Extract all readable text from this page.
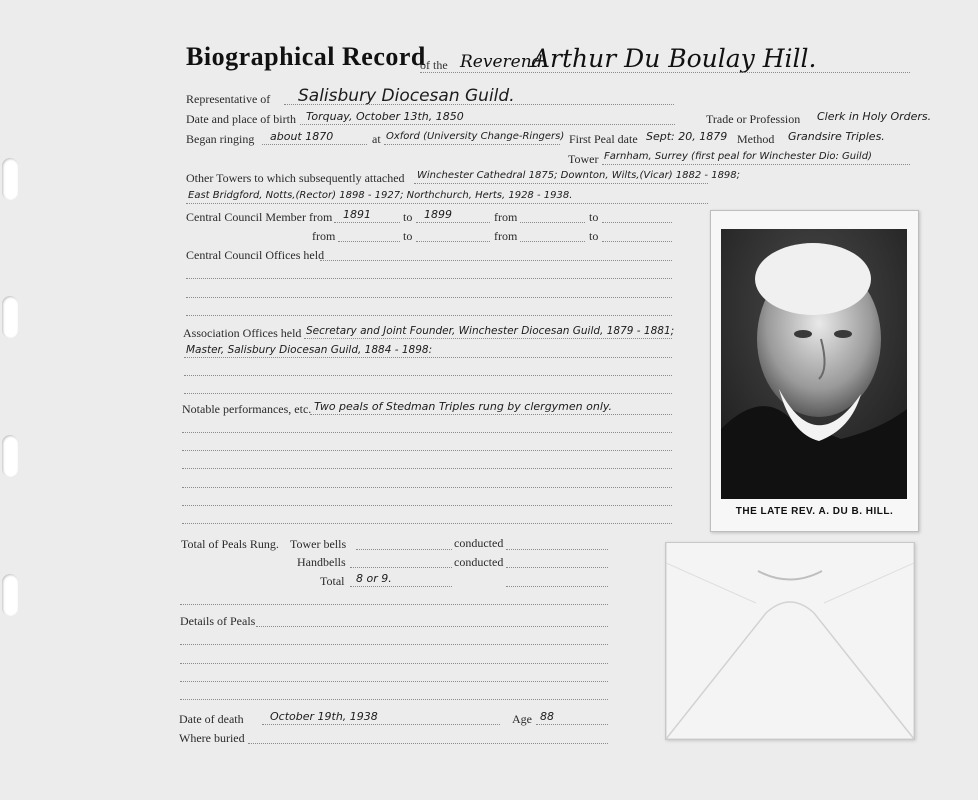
Biographical Record
of the Reverend
Arthur Du Boulay Hill.
Representative of Salisbury Diocesan Guild.
Date and place of birth Torquay, October 13th, 1850	Trade or Profession Clerk in Holy Orders.
Began ringing about 1870	at Oxford (University Change-Ringers) First Peal date Sept: 20, 1879 Method Grandsire Triples.
Tower Farnham, Surrey (first peal for Winchester Dio: Guild)
Other Towers to which subsequently attached Winchester Cathedral 1875; Downton, Wilts,(Vicar) 1882 - 1898;
East Bridgford, Notts,(Rector) 1898 - 1927; Northchurch, Herts, 1928 - 1938.
Central Council Member from 1891	to 1899	from	to
from	to	from	to
Central Council Offices held
Association Offices held Secretary and Joint Founder, Winchester Diocesan Guild, 1879 - 1881;
Master, Salisbury Diocesan Guild, 1884 - 1898:
Notable performances, etc. Two peals of Stedman Triples rung by clergymen only.
Total of Peals Rung. Tower bells	conducted
Handbells	conducted
Total 8 or 9.
Details of Peals
Date of death October 19th, 1938	Age 88
Where buried
THE LATE REV. A. DU B. HILL.
